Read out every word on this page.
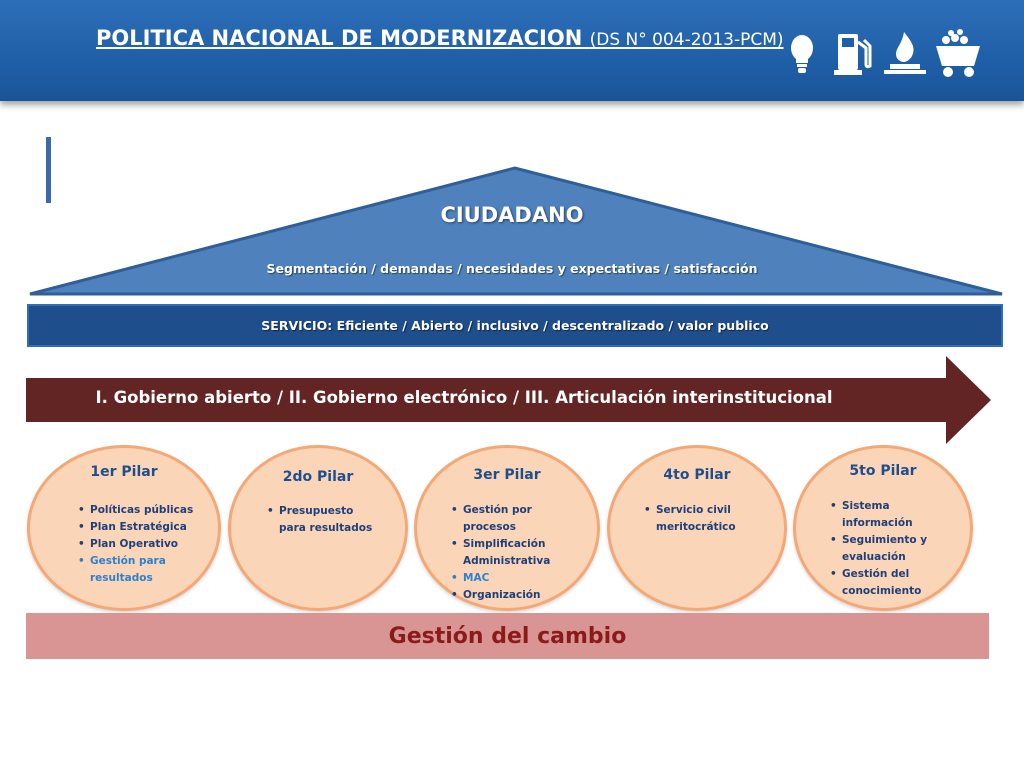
POLITICA NACIONAL DE MODERNIZACION (DS N° 004-2013-PCM)
CIUDADANO
Segmentación / demandas / necesidades y expectativas / satisfacción
SERVICIO: Eficiente / Abierto / inclusivo / descentralizado / valor publico
I. Gobierno abierto / II. Gobierno electrónico / III. Articulación interinstitucional
1er Pilar
• Políticas públicas
• Plan Estratégica
• Plan Operativo
• Gestión para resultados
2do Pilar
• Presupuesto para resultados
3er Pilar
• Gestión por procesos
• Simplificación Administrativa
• MAC
• Organización
4to Pilar
• Servicio civil meritocrático
5to Pilar
• Sistema información
• Seguimiento y evaluación
• Gestión del conocimiento
Gestión del cambio
